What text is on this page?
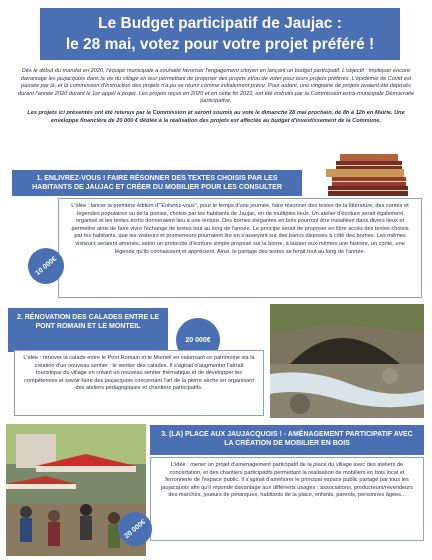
Le Budget participatif de Jaujac :
le 28 mai, votez pour votre projet préféré !

Dès le début du mandat en 2020, l'équipe municipale a souhaité favoriser l'engagement citoyen en lançant un budget participatif. L'objectif : impliquer encore davantage les jaujacquois dans la vie du village en leur permettant de proposer des projets et/ou de voter pour leurs projets préférés. L'épidémie de Covid est passée par là, et la commission d'instruction des projets n'a pu se réunir comme initialement prévu. Pour autant, une vingtaine de projets avaient été déposés durant l'année 2020 durant le 1er appel à projet. Les projets reçus en 2020 et en cette fin 2022, ont été instruits par la Commission extra-municipale Démocratie participative.

Les projets ici présentés ont été retenus par la Commission et seront soumis au vote le dimanche 28 mai prochain, de 8h à 12h en Mairie. Une enveloppe financière de 20 000 € dédiée à la réalisation des projets est affectée au budget d'investissement de la Commune.

1. ENLIVREZ-VOUS ! FAIRE RÉSONNER DES TEXTES CHOISIS PAR LES HABITANTS DE JAUJAC ET CRÉER DU MOBILIER POUR LES CONSULTER

L'idée : lancer la première édition d'"Enlivrez-vous", pour le temps d'une journée, faire résonner des textes de la littérature, des contes et légendes populaires ou de la poésie, choisis par les habitants de Jaujac, en de multiples lieux. Un atelier d'écriture serait également organisé et les textes écrits donneraient lieu à une lecture. Des bornes élégantes en bois pourront être installées dans divers lieux et permettre ainsi de faire vivre l'échange de textes tout au long de l'année. Le principe serait de proposer en libre accès des textes choisis par les habitants, que les visiteurs et promeneurs pourraient lire en s'asseyant sur des bancs disposés à côté des bornes. Les mêmes visiteurs seraient amenés, selon un protocole d'écriture simple proposé sur la borne, à laisser eux-mêmes une histoire, un conte, une légende qu'ils connaissent et apprécient. Ainsi, le partage des textes se ferait tout au long de l'année.

10 000€
2. RÉNOVATION DES CALADES ENTRE LE PONT ROMAIN ET LE MONTEIL
20 000€

L'idée : rénover la calade entre le Pont Romain et le Monteil en valorisant ce patrimoine via la création d'un nouveau sentier : le sentier des calades. Il s'agirait d'augmenter l'attrait touristique du village en créant un nouveau sentier thématique et de développer les compétences et savoir-faire des jaujacquois concernant l'art de la pierre sèche en organisant des ateliers pédagogiques et chantiers participatifs.

3. (LA) PLACE AUX JAUJACQUOIS ! - AMÉNAGEMENT PARTICIPATIF AVEC LA CRÉATION DE MOBILIER EN BOIS

L'idée : mener un projet d'aménagement participatif de la place du village avec des ateliers de concertation, et des chantiers participatifs permettant la réalisation de mobiliers en bois local et ferronnerie de l'espace public. Il s'agirait d'améliorer le principal espace public partagé par tous les jaujacquois afin qu'il réponde davantage aux différents usages : associations, producteurs/revendeurs des marchés, joueurs de pétanques, habitants de la place, enfants, parents, personnes âgées...

20 000€
